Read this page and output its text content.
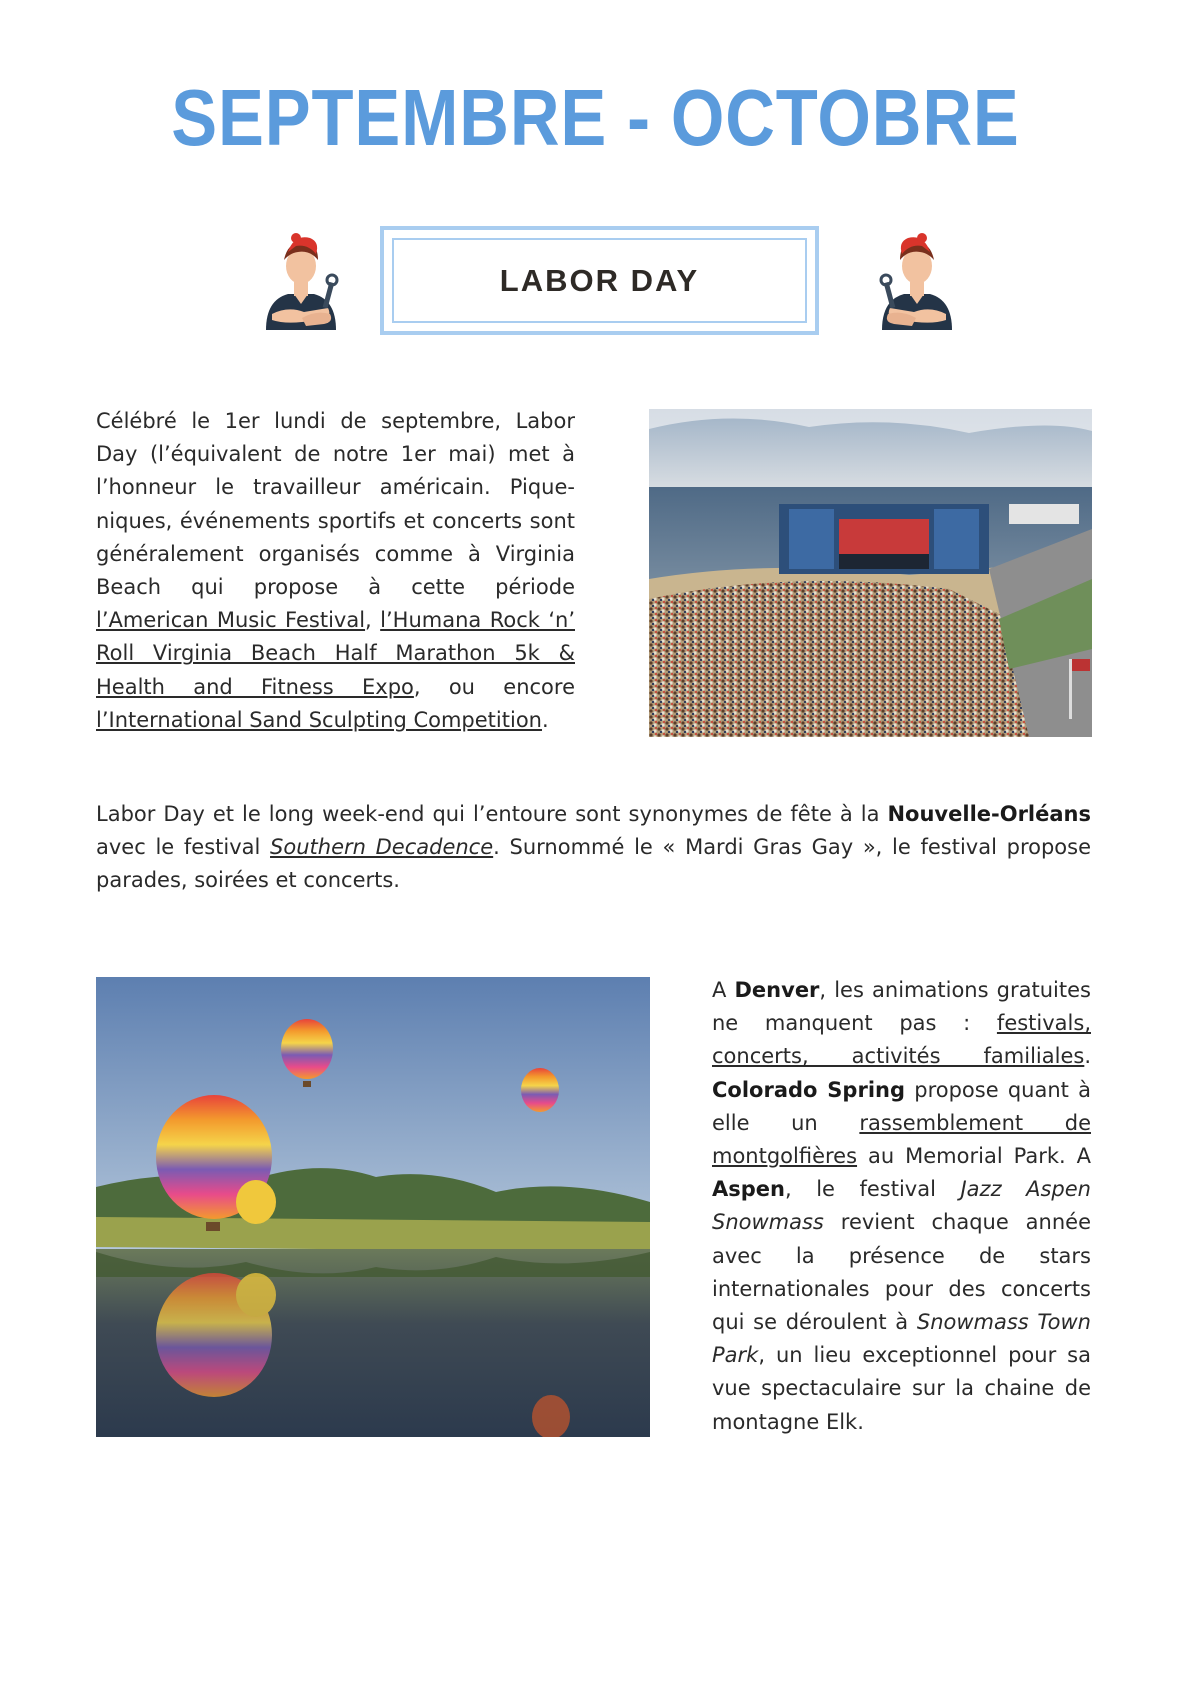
SEPTEMBRE - OCTOBRE
LABOR DAY

Célébré le 1er lundi de septembre, Labor Day (l’équivalent de notre 1er mai) met à l’honneur le travailleur américain. Pique-niques, événements sportifs et concerts sont généralement organisés comme à Virginia Beach qui propose à cette période l’American Music Festival, l’Humana Rock ‘n’ Roll Virginia Beach Half Marathon 5k & Health and Fitness Expo, ou encore l’International Sand Sculpting Competition.

Labor Day et le long week-end qui l’entoure sont synonymes de fête à la Nouvelle-Orléans avec le festival Southern Decadence. Surnommé le « Mardi Gras Gay », le festival propose parades, soirées et concerts.

A Denver, les animations gratuites ne manquent pas : festivals, concerts, activités familiales. Colorado Spring propose quant à elle un rassemblement de montgolfières au Memorial Park. A Aspen, le festival Jazz Aspen Snowmass revient chaque année avec la présence de stars internationales pour des concerts qui se déroulent à Snowmass Town Park, un lieu exceptionnel pour sa vue spectaculaire sur la chaine de montagne Elk.
